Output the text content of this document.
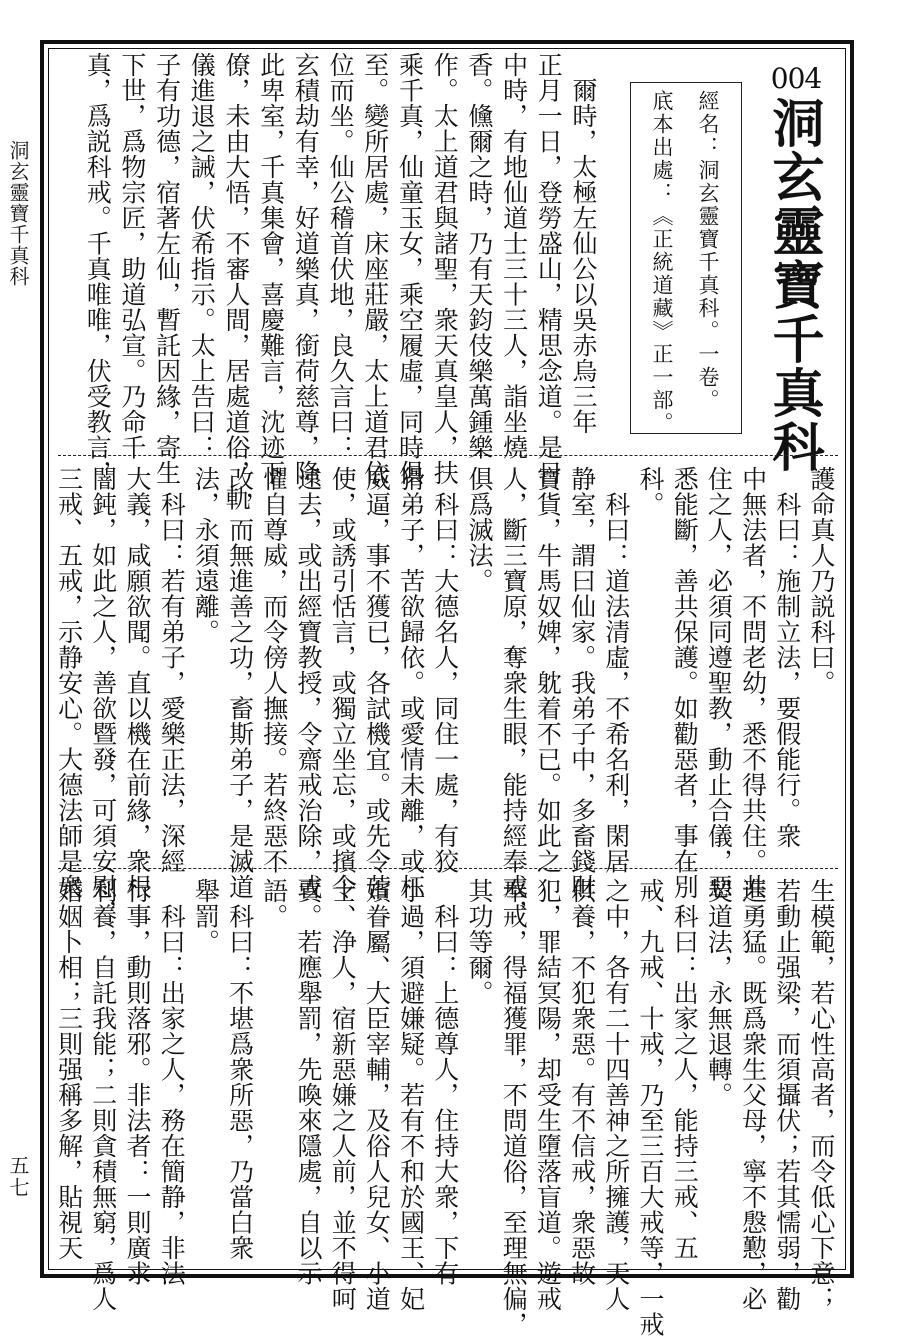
洞玄靈寶千真科
五七
004
洞玄靈寶千真科
經名：洞玄靈寶千真科。一卷。
底本出處：《正統道藏》正一部。
　爾時，太極左仙公以吳赤烏三年
正月一日，登勞盛山，精思念道。是日
中時，有地仙道士三十三人，詣坐燒
香。儵爾之時，乃有天鈞伎樂萬鍾樂
作。太上道君與諸聖，衆天真皇人，扶
乘千真，仙童玉女，乘空履虛，同時俱
至。變所居處，床座莊嚴，太上道君依
位而坐。仙公稽首伏地，良久言曰：
玄積劫有幸，好道樂真，銜荷慈尊，降
此卑室，千真集會，喜慶難言，沈迹下
僚，未由大悟，不審人間，居處道俗，軌
儀進退之誡，伏希指示。太上告曰：
子有功德，宿著左仙，暫託因緣，寄生
下世，爲物宗匠，助道弘宣。乃命千
真，爲説科戒。千真唯唯，伏受教言，
護命真人乃説科曰。
　科曰：施制立法，要假能行。衆
中無法者，不問老幼，悉不得共住。共
住之人，必須同遵聖教，動止合儀，惡
悉能斷，善共保護。如勸惡者，事在別
科。
　科曰：道法清虛，不希名利，閑居
静室，謂曰仙家。我弟子中，多畜錢財
寶貨，牛馬奴婢，躭着不已。如此之
人，斷三寶原，奪衆生眼，能持經奉戒，
俱爲滅法。
　科曰：大德名人，同住一處，有狡
猾弟子，苦欲歸依。或愛情未離，或枉
威逼，事不獲已，各試機宜。或先令苦
使，或誘引恬言，或獨立坐忘，或擯令
遠去，或出經寶教授，令齋戒治除，或
懼自尊威，而令傍人撫接。若終惡不
改，而無進善之功，畜斯弟子，是滅道
法，永須遠離。
　科曰：若有弟子，愛樂正法，深經
大義，咸願欲聞。直以機在前緣，衆根
闇鈍，如此之人，善欲暨發，可須安慰，
三戒、五戒，示静安心。大德法師是衆
生模範，若心性高者，而令低心下意；
若動止强梁，而須攝伏；若其懦弱，勸
進勇猛。既爲衆生父母，寧不慇懃，必
契道法，永無退轉。
　科曰：出家之人，能持三戒、五
戒、九戒、十戒，乃至三百大戒等，一戒
之中，各有二十四善神之所擁護，天人
供養，不犯衆惡。有不信戒，衆惡故
犯，罪結冥陽，却受生墮落盲道。遊戒
奉戒，得福獲罪，不問道俗，至理無偏，
其功等爾。
　科曰：上德尊人，住持大衆，下有
小過，須避嫌疑。若有不和於國王、妃
嬪眷屬、大臣宰輔，及俗人兒女、小道
士、浄人，宿新惡嫌之人前，並不得呵
責。若應舉罰，先喚來隱處，自以示
語。
　科曰：不堪爲衆所惡，乃當白衆
舉罰。
　科曰：出家之人，務在簡静，非法
行事，動則落邪。非法者：一則廣求
利養，自託我能；二則貪積無窮，爲人
婚姻卜相；三則强稱多解，貼視天
